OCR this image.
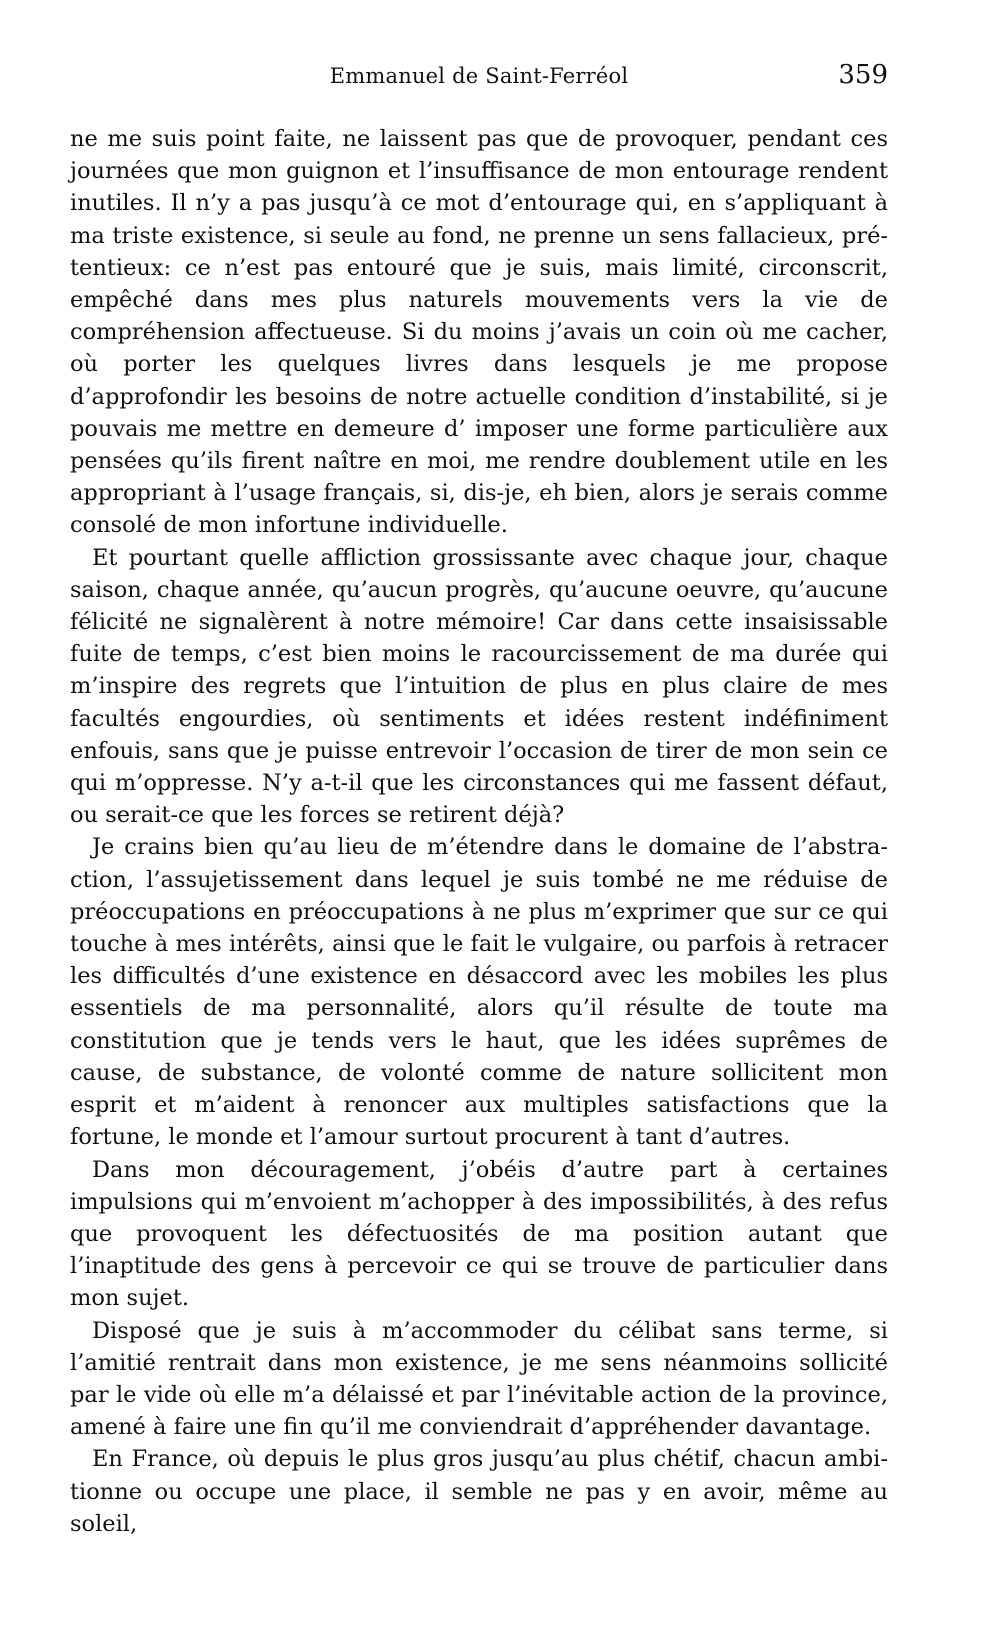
Emmanuel de Saint-Ferréol	359

ne me suis point faite, ne laissent pas que de provoquer, pendant ces journées que mon guignon et l’insuffisance de mon entourage rendent inutiles. Il n’y a pas jusqu’à ce mot d’entourage qui, en s’appliquant à ma triste existence, si seule au fond, ne prenne un sens fallacieux, prétentieux: ce n’est pas entouré que je suis, mais limité, circonscrit, empêché dans mes plus naturels mouvements vers la vie de compréhension affectueuse. Si du moins j’avais un coin où me cacher, où porter les quelques livres dans lesquels je me propose d’approfondir les besoins de notre actuelle condition d’instabilité, si je pouvais me mettre en demeure d’ imposer une forme particulière aux pensées qu’ils firent naître en moi, me rendre doublement utile en les appropriant à l’usage français, si, dis-je, eh bien, alors je serais comme consolé de mon infortune individuelle.

Et pourtant quelle affliction grossissante avec chaque jour, chaque saison, chaque année, qu’aucun progrès, qu’aucune oeuvre, qu’aucune félicité ne signalèrent à notre mémoire! Car dans cette insaisissable fuite de temps, c’est bien moins le racourcissement de ma durée qui m’inspire des regrets que l’intuition de plus en plus claire de mes facultés engourdies, où sentiments et idées restent indéfiniment enfouis, sans que je puisse entrevoir l’occasion de tirer de mon sein ce qui m’oppresse. N’y a-t-il que les circonstances qui me fassent défaut, ou serait-ce que les forces se retirent déjà?

Je crains bien qu’au lieu de m’étendre dans le domaine de l’abstraction, l’assujetissement dans lequel je suis tombé ne me réduise de préoccupations en préoccupations à ne plus m’exprimer que sur ce qui touche à mes intérêts, ainsi que le fait le vulgaire, ou parfois à retracer les difficultés d’une existence en désaccord avec les mobiles les plus essentiels de ma personnalité, alors qu’il résulte de toute ma constitution que je tends vers le haut, que les idées suprêmes de cause, de substance, de volonté comme de nature sollicitent mon esprit et m’aident à renoncer aux multiples satisfactions que la fortune, le monde et l’amour surtout procurent à tant d’autres.

Dans mon découragement, j’obéis d’autre part à certaines impulsions qui m’envoient m’achopper à des impossibilités, à des refus que provoquent les défectuosités de ma position autant que l’inaptitude des gens à percevoir ce qui se trouve de particulier dans mon sujet.

Disposé que je suis à m’accommoder du célibat sans terme, si l’amitié rentrait dans mon existence, je me sens néanmoins sollicité par le vide où elle m’a délaissé et par l’inévitable action de la province, amené à faire une fin qu’il me conviendrait d’appréhender davantage.

En France, où depuis le plus gros jusqu’au plus chétif, chacun ambitionne ou occupe une place, il semble ne pas y en avoir, même au soleil,
